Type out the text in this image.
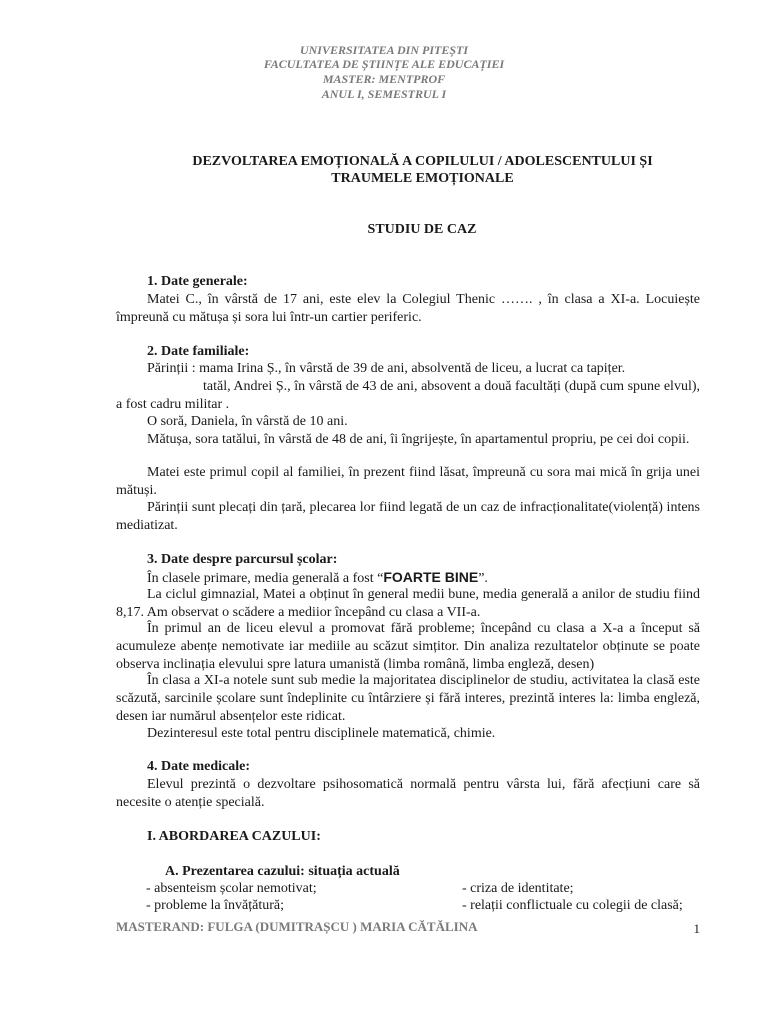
UNIVERSITATEA DIN PITEȘTI
FACULTATEA DE ȘTIINȚE ALE EDUCAȚIEI
MASTER: MENTPROF
ANUL I, SEMESTRUL I
DEZVOLTAREA EMOȚIONALĂ A COPILULUI / ADOLESCENTULUI ȘI
TRAUMELE EMOȚIONALE
STUDIU DE CAZ
1. Date generale:
Matei C., în vârstă de 17 ani, este elev la Colegiul Thenic ……. , în clasa a XI-a. Locuiește împreună cu mătușa și sora lui într-un cartier periferic.
2. Date familiale:
Părinții : mama Irina Ș., în vârstă de 39 de ani, absolventă de liceu, a lucrat ca tapițer.
tatăl, Andrei Ș., în vârstă de 43 de ani, absovent a două facultăți (după cum spune elvul), a fost cadru militar .
O soră, Daniela, în vârstă de 10 ani.
Mătușa, sora tatălui, în vârstă de 48 de ani, îi îngrijește, în apartamentul propriu, pe cei doi copii.
Matei este primul copil al familiei, în prezent fiind lăsat, împreună cu sora mai mică în grija unei mătuși.
Părinții sunt plecați din țară, plecarea lor fiind legată de un caz de infracționalitate(violență) intens mediatizat.
3. Date despre parcursul școlar:
În clasele primare, media generală a fost “FOARTE BINE”.
La ciclul gimnazial, Matei a obținut în general medii bune, media generală a anilor de studiu fiind 8,17. Am observat o scădere a mediior începând cu clasa a VII-a.
În primul an de liceu elevul a promovat fără probleme; începând cu clasa a X-a a început să acumuleze abențe nemotivate iar mediile au scăzut simțitor. Din analiza rezultatelor obținute se poate observa inclinația elevului spre latura umanistă (limba română, limba engleză, desen)
În clasa a XI-a notele sunt sub medie la majoritatea disciplinelor de studiu, activitatea la clasă este scăzută, sarcinile școlare sunt îndeplinite cu întârziere și fără interes, prezintă interes la: limba engleză, desen iar numărul absențelor este ridicat.
Dezinteresul este total pentru disciplinele matematică, chimie.
4. Date medicale:
Elevul prezintă o dezvoltare psihosomatică normală pentru vârsta lui, fără afecțiuni care să necesite o atenție specială.
I. ABORDAREA CAZULUI:
A. Prezentarea cazului: situația actuală
- absenteism școlar nemotivat;	- criza de identitate;
- probleme la învățătură;	- relații conflictuale cu colegii de clasă;
MASTERAND: FULGA (DUMITRAȘCU ) MARIA CĂTĂLINA	1
